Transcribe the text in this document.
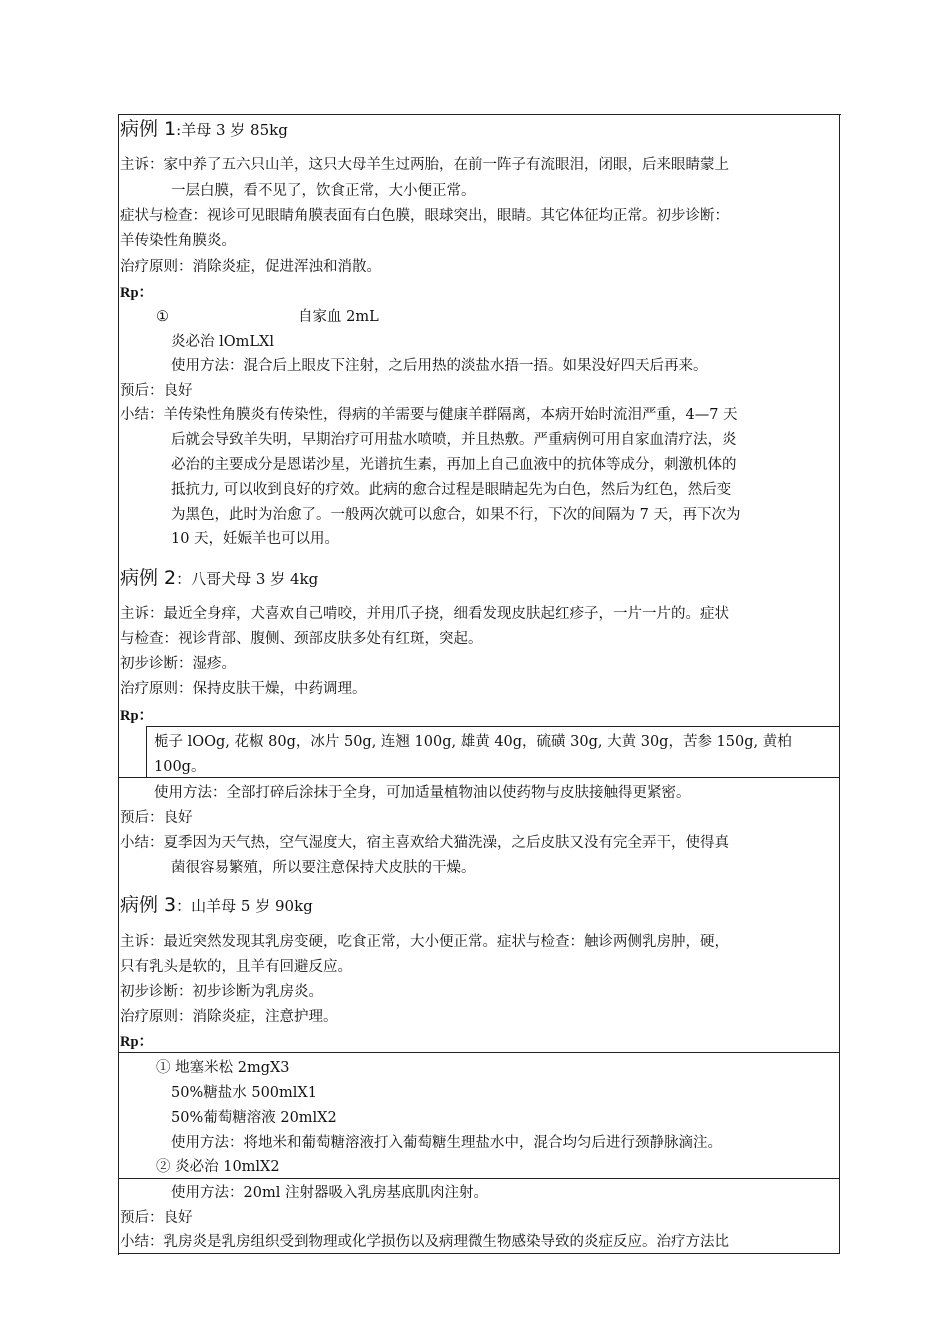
病例 1:羊母 3 岁 85kg
主诉：家中养了五六只山羊，这只大母羊生过两胎，在前一阵子有流眼泪，闭眼，后来眼睛蒙上
一层白膜，看不见了，饮食正常，大小便正常。
症状与检查：视诊可见眼睛角膜表面有白色膜，眼球突出，眼睛。其它体征均正常。初步诊断：
羊传染性角膜炎。
治疗原则：消除炎症，促进浑浊和消散。
Rp：
①	自家血 2mL
炎必治 lOmLXl
使用方法：混合后上眼皮下注射，之后用热的淡盐水捂一捂。如果没好四天后再来。
预后：良好
小结：羊传染性角膜炎有传染性，得病的羊需要与健康羊群隔离，本病开始时流泪严重，4—7 天
后就会导致羊失明，早期治疗可用盐水喷喷，并且热敷。严重病例可用自家血清疗法，炎
必治的主要成分是恩诺沙星，光谱抗生素，再加上自己血液中的抗体等成分，刺激机体的
抵抗力, 可以收到良好的疗效。此病的愈合过程是眼睛起先为白色，然后为红色，然后变
为黑色，此时为治愈了。一般两次就可以愈合，如果不行，下次的间隔为 7 天，再下次为
10 天，妊娠羊也可以用。
病例 2：八哥犬母 3 岁 4kg
主诉：最近全身痒，犬喜欢自己啃咬，并用爪子挠，细看发现皮肤起红疹子，一片一片的。症状
与检查：视诊背部、腹侧、颈部皮肤多处有红斑，突起。
初步诊断：湿疹。
治疗原则：保持皮肤干燥，中药调理。
Rp：
栀子 lOOg, 花椒 80g，冰片 50g, 连翘 100g, 雄黄 40g，硫磺 30g, 大黄 30g，苦参 150g, 黄柏
100g。
使用方法：全部打碎后涂抹于全身，可加适量植物油以使药物与皮肤接触得更紧密。
预后：良好
小结：夏季因为天气热，空气湿度大，宿主喜欢给犬猫洗澡，之后皮肤又没有完全弄干，使得真
菌很容易繁殖，所以要注意保持犬皮肤的干燥。
病例 3：山羊母 5 岁 90kg
主诉：最近突然发现其乳房变硬，吃食正常，大小便正常。症状与检查：触诊两侧乳房肿，硬，
只有乳头是软的，且羊有回避反应。
初步诊断：初步诊断为乳房炎。
治疗原则：消除炎症，注意护理。
Rp：
① 地塞米松 2mgX3
50%糖盐水 500mlX1
50%葡萄糖溶液 20mlX2
使用方法：将地米和葡萄糖溶液打入葡萄糖生理盐水中，混合均匀后进行颈静脉滴注。
② 炎必治 10mlX2
使用方法：20ml 注射器吸入乳房基底肌肉注射。
预后：良好
小结：乳房炎是乳房组织受到物理或化学损伤以及病理微生物感染导致的炎症反应。治疗方法比
